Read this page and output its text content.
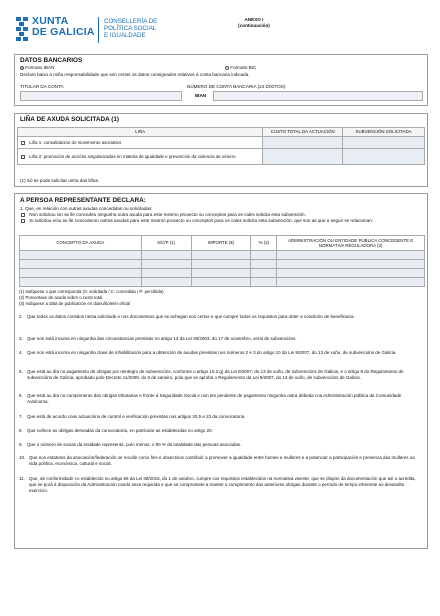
XUNTA
DE GALICIA
CONSELLERÍA DE
POLÍTICA SOCIAL
E IGUALDADE
ANEXO I
(continuación)
DATOS BANCARIOS
Formato IBAN	Formato BIC
Declaro baixo a miña responsabilidade que son certos os datos consignados relativos á conta bancaria indicada.
TITULAR DA CONTA	NÚMERO DE CONTA BANCARIA (24 DÍXITOS)
IBAN
LIÑA DE AXUDA SOLICITADA (1)
LIÑA	CUSTO TOTAL DA ACTUACIÓN	SUBVENCIÓN SOLICITADA
Liña 1: consolidación do movemento asociativo		
Liña 2: promoción de accións singularizadas en materia de igualdade e prevención da violencia de xénero		
(1) Só se pode solicitar unha das liñas.
A PERSOA REPRESENTANTE DECLARA:
1. Que, en relación con outras axudas concedidas ou solicitadas:
Non solicitou nin se lle concedeu ningunha outra axuda para este mesmo proxecto ou conceptos para os cales solicita esta subvención.
Si solicitou e/ou se lle concederon outras axudas para este mesmo proxecto ou conceptos para os cales solicita esta subvención, que son as que a seguir se relacionan:
CONCEPTO DA AXUDA	S/C/P (1)	IMPORTE (€)	% (2)	ADMINISTRACIÓN OU ENTIDADE PÚBLICA CONCEDENTE E NORMATIVA REGULADORA (3)

(1) Indíquese o que corresponda (S: solicitada / C: concedida / P: percibida)
(2) Porcentaxe de axuda sobre o custo total
(3) Indíquese a data de publicación en diario/boletín oficial
2. Que todos os datos contidos nesta solicitude e nos documentos que se achegan son certos e que cumpre todos os requisitos para obter a condición de beneficiaria.
3. Que non está incursa en ningunha das circunstancias previstas no artigo 13 da Lei 38/2003, do 17 de novembro, xeral de subvencións.
4. Que non está incursa en ningunha clase de inhabilitación para a obtención de axudas previstas nos números 2 e 3 do artigo 10 da Lei 9/2007, do 13 de xuño, de subvencións de Galicia.
5. Que está ao día no pagamento de obrigas por reintegro de subvencións, conforme o artigo 10.2.g) da Lei 9/2007, do 13 de xuño, de subvencións de Galicia, e o artigo 9 do Regulamento de subvencións de Galicia, aprobado polo Decreto 11/2009, do 8 de xaneiro, polo que se aproba o Regulamento da Lei 9/2007, do 13 de xuño, de subvencións de Galicia.
6. Que está ao día no cumprimento das obrigas tributarias e fronte á Seguridade Social e non ten pendente de pagamento ningunha outra débeda coa Administración pública da Comunidade Autónoma.
7. Que está de acordo coas actuacións de control e verificación previstas nos artigos 20.5 e 23 da convocatoria.
8. Que coñece as obrigas derivadas da convocatoria, en particular as establecidas no artigo 20.
9. Que o número de socias da entidade representa, polo menos, o 90 % da totalidade das persoas asociadas.
10. Que nos estatutos da asociación/federación se recolle como fins e obxectivos contribuír a promover a igualdade entre homes e mulleres e a potenciar a participación e presenza das mulleres na vida política, económica, cultural e social.
11. Que, de conformidade co establecido no artigo 69 da Lei 39/2015, do 1 de outubro, cumpre cos requisitos establecidos na normativa vixente, que se dispón da documentación que así o acredita, que se porá á disposición da Administración cando sexa requirida e que se compromete a manter o cumprimento das anteriores obrigas durante o período de tempo inherente ao devandito exercicio.
